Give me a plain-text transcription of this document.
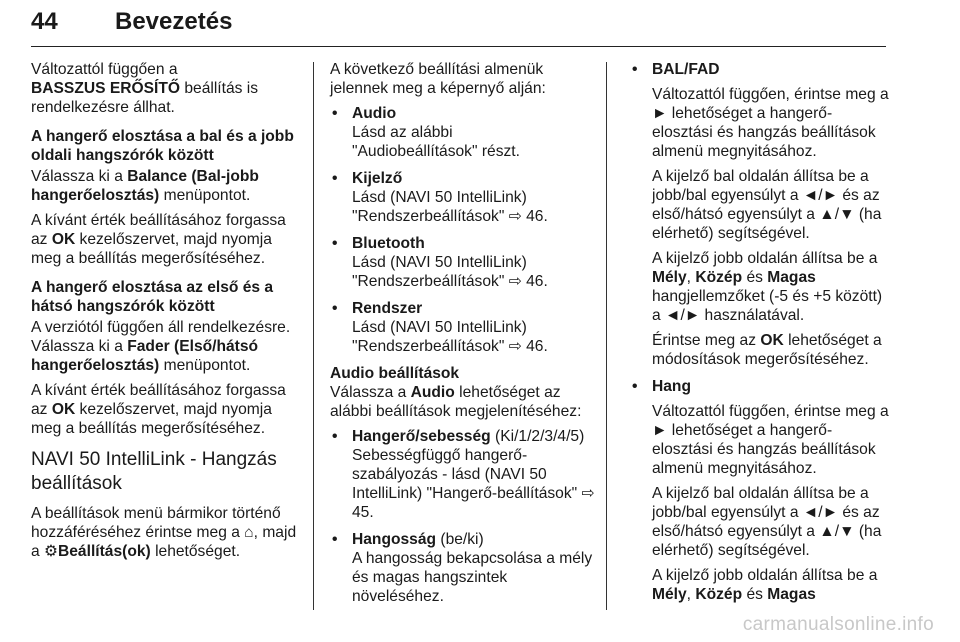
44 Bevezetés

Változattól függően a
BASSZUS ERŐSÍTŐ beállítás is rendelkezésre állhat.

A hangerő elosztása a bal és a jobb oldali hangszórók között

Válassza ki a Balance (Bal-jobb hangerőelosztás) menüpontot.

A kívánt érték beállításához forgassa az OK kezelőszervet, majd nyomja meg a beállítás megerősítéséhez.

A hangerő elosztása az első és a hátsó hangszórók között

A verziótól függően áll rendelkezésre. Válassza ki a Fader (Első/hátsó hangerőelosztás) menüpontot.

A kívánt érték beállításához forgassa az OK kezelőszervet, majd nyomja meg a beállítás megerősítéséhez.

NAVI 50 IntelliLink - Hangzás beállítások

A beállítások menü bármikor történő hozzáféréséhez érintse meg a ⌂, majd a ⚙Beállítás(ok) lehetőséget.

A következő beállítási almenük jelennek meg a képernyő alján:

• Audio
Lásd az alábbi
"Audiobeállítások" részt.
• Kijelző
Lásd (NAVI 50 IntelliLink)
"Rendszerbeállítások" ⇨ 46.
• Bluetooth
Lásd (NAVI 50 IntelliLink)
"Rendszerbeállítások" ⇨ 46.
• Rendszer
Lásd (NAVI 50 IntelliLink)
"Rendszerbeállítások" ⇨ 46.

Audio beállítások

Válassza a Audio lehetőséget az alábbi beállítások megjelenítéséhez:

• Hangerő/sebesség (Ki/1/2/3/4/5)
Sebességfüggő hangerő-szabályozás - lásd (NAVI 50 IntelliLink) "Hangerő-beállítások" ⇨ 45.
• Hangosság (be/ki)
A hangosság bekapcsolása a mély és magas hangszintek növeléséhez.
• BAL/FAD

Változattól függően, érintse meg a ► lehetőséget a hangerő-elosztási és hangzás beállítások almenü megnyitásához.

A kijelző bal oldalán állítsa be a jobb/bal egyensúlyt a ◄/► és az első/hátsó egyensúlyt a ▲/▼ (ha elérhető) segítségével.

A kijelző jobb oldalán állítsa be a Mély, Közép és Magas hangjellemzőket (-5 és +5 között) a ◄/► használatával.

Érintse meg az OK lehetőséget a módosítások megerősítéséhez.

• Hang

Változattól függően, érintse meg a ► lehetőséget a hangerő-elosztási és hangzás beállítások almenü megnyitásához.

A kijelző bal oldalán állítsa be a jobb/bal egyensúlyt a ◄/► és az első/hátsó egyensúlyt a ▲/▼ (ha elérhető) segítségével.

A kijelző jobb oldalán állítsa be a Mély, Közép és Magas

carmanualsonline.info
